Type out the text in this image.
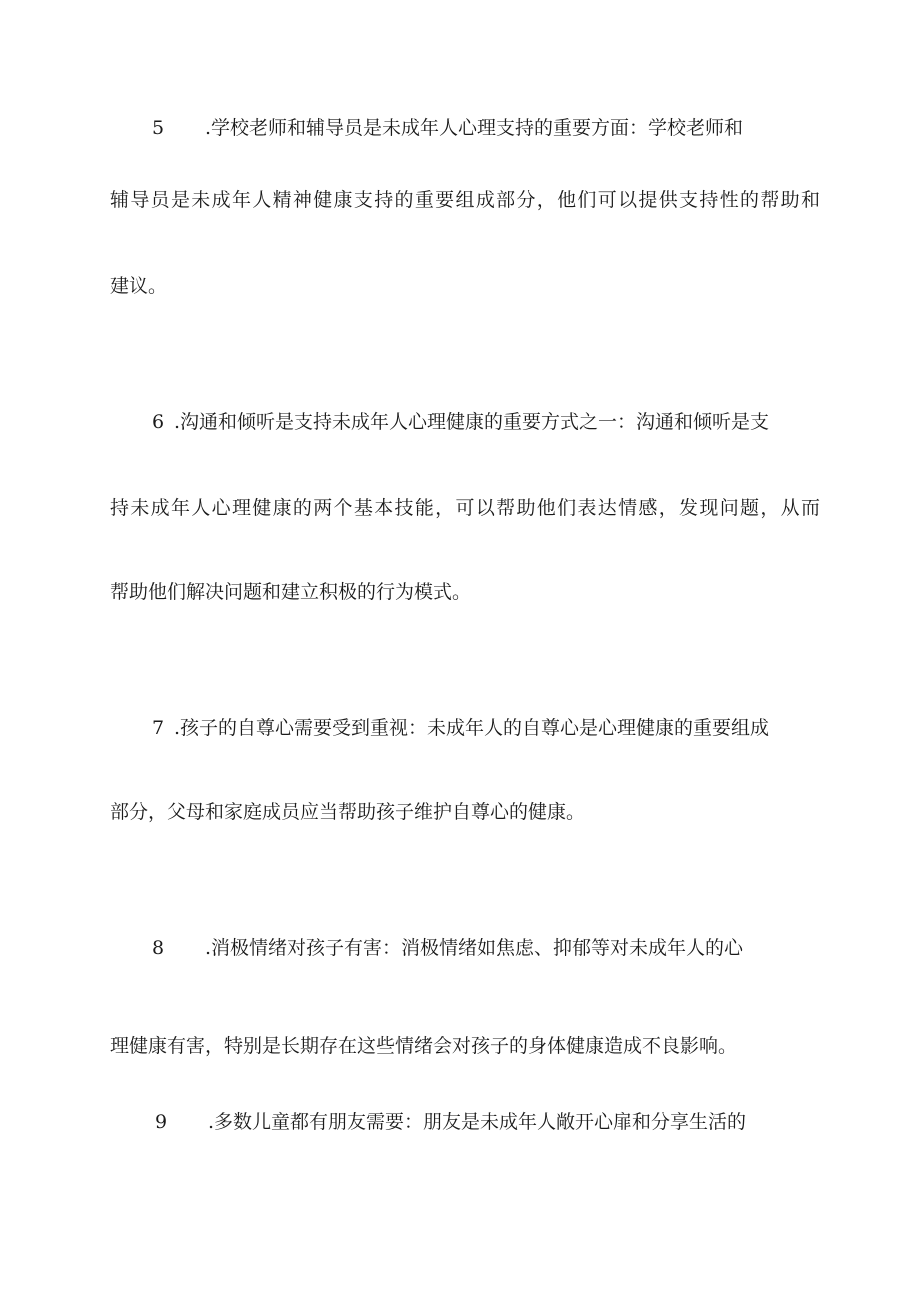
5 .学校老师和辅导员是未成年人心理支持的重要方面：学校老师和
辅导员是未成年人精神健康支持的重要组成部分，他们可以提供支持性的帮助和
建议。
6 .沟通和倾听是支持未成年人心理健康的重要方式之一：沟通和倾听是支
持未成年人心理健康的两个基本技能，可以帮助他们表达情感，发现问题，从而
帮助他们解决问题和建立积极的行为模式。
7 .孩子的自尊心需要受到重视：未成年人的自尊心是心理健康的重要组成
部分，父母和家庭成员应当帮助孩子维护自尊心的健康。
8 .消极情绪对孩子有害：消极情绪如焦虑、抑郁等对未成年人的心
理健康有害，特别是长期存在这些情绪会对孩子的身体健康造成不良影响。
9 .多数儿童都有朋友需要：朋友是未成年人敞开心扉和分享生活的
